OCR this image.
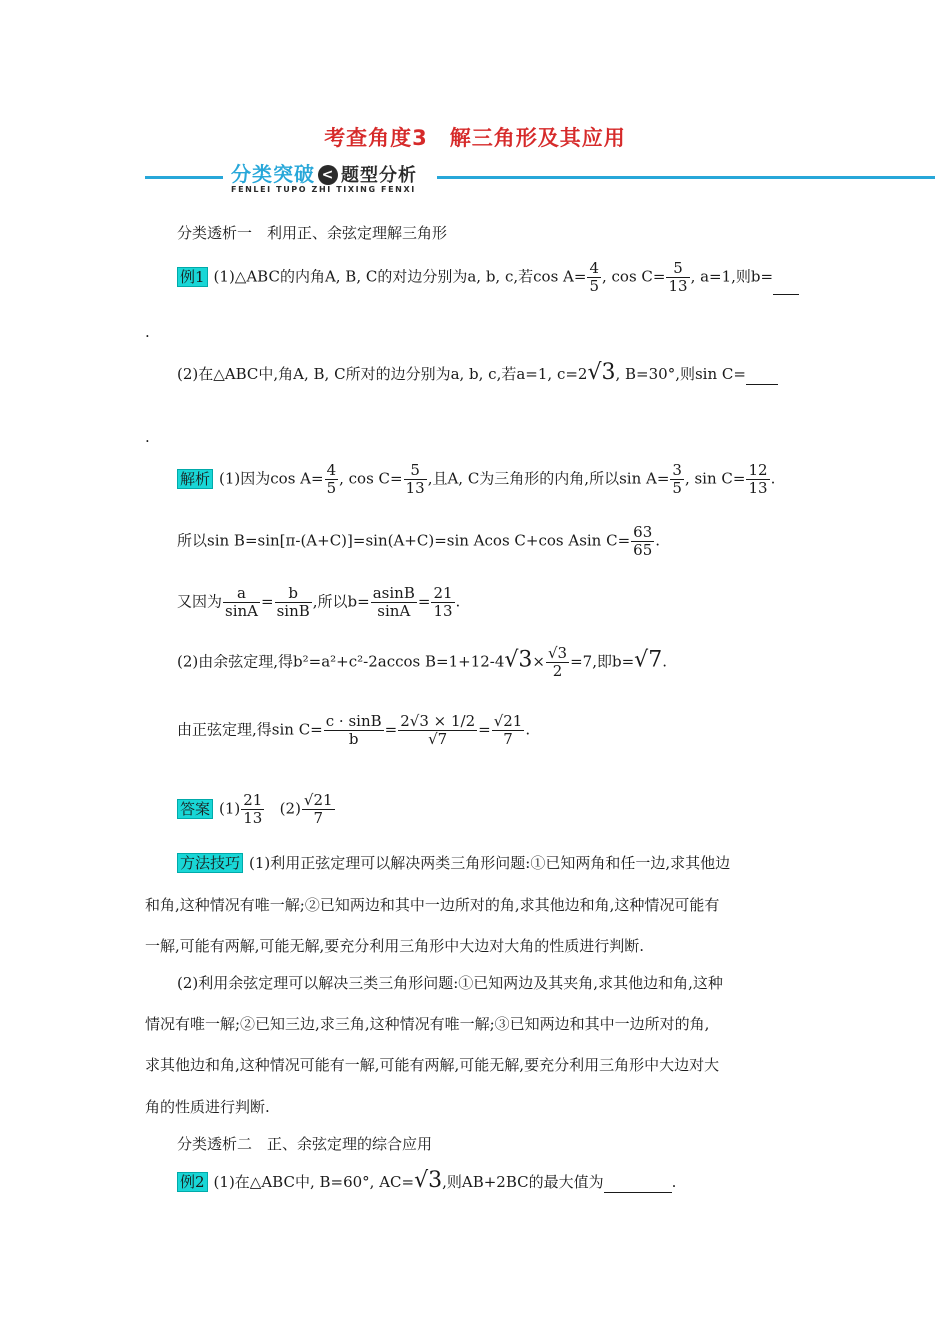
考查角度3　解三角形及其应用
分类突破 < 题型分析
FENLEI TUPO ZHI TIXING FENXI
分类透析一　利用正、余弦定理解三角形
例1 (1)△ABC的内角A, B, C的对边分别为a, b, c,若$\cos A= \frac{4}{5}$ , $\cos C= \frac{5}{13}$ , a=1,则b=
.
(2)在△ABC中,角A, B, C所对的边分别为a, b, c,若a=1, c=2√3, B=30°,则sin C=
.
解析 (1)因为$\cos A= \frac{4}{5}$ , $\cos C= \frac{5}{13}$ ,且A, C为三角形的内角,所以$\sin A= \frac{3}{5}$ , $\sin C= \frac{12}{13}$ .
所以sin B=sin[π-(A+C)]=sin(A+C)=sin Acos C+cos Asin $C= \frac{63}{65}$ .
又因为 $\frac{a}{\sin A} = \frac{b}{\sin B}$ ,所以$b= \frac{asinB}{\sin A} = \frac{21}{13}$ .
(2)由余弦定理,得b²=a²+c²-2accos $B=1+12-4√3\times \frac{√3}{2} =7$,即b=√7.
由正弦定理,得$\sin C= \frac{c \cdot \sin B}{b} = \frac{2√3 \times 1/2}{√7} = \frac{√21}{7}$ .
答案 $(1) \frac{21}{13} (2) \frac{√21}{7}$
方法技巧 (1)利用正弦定理可以解决两类三角形问题:①已知两角和任一边,求其他边
和角,这种情况有唯一解;②已知两边和其中一边所对的角,求其他边和角,这种情况可能有
一解,可能有两解,可能无解,要充分利用三角形中大边对大角的性质进行判断.
(2)利用余弦定理可以解决三类三角形问题:①已知两边及其夹角,求其他边和角,这种
情况有唯一解;②已知三边,求三角,这种情况有唯一解;③已知两边和其中一边所对的角,
求其他边和角,这种情况可能有一解,可能有两解,可能无解,要充分利用三角形中大边对大
角的性质进行判断.
分类透析二　正、余弦定理的综合应用
例2 (1)在△ABC中, B=60°, AC=√3,则AB+2BC的最大值为	.
